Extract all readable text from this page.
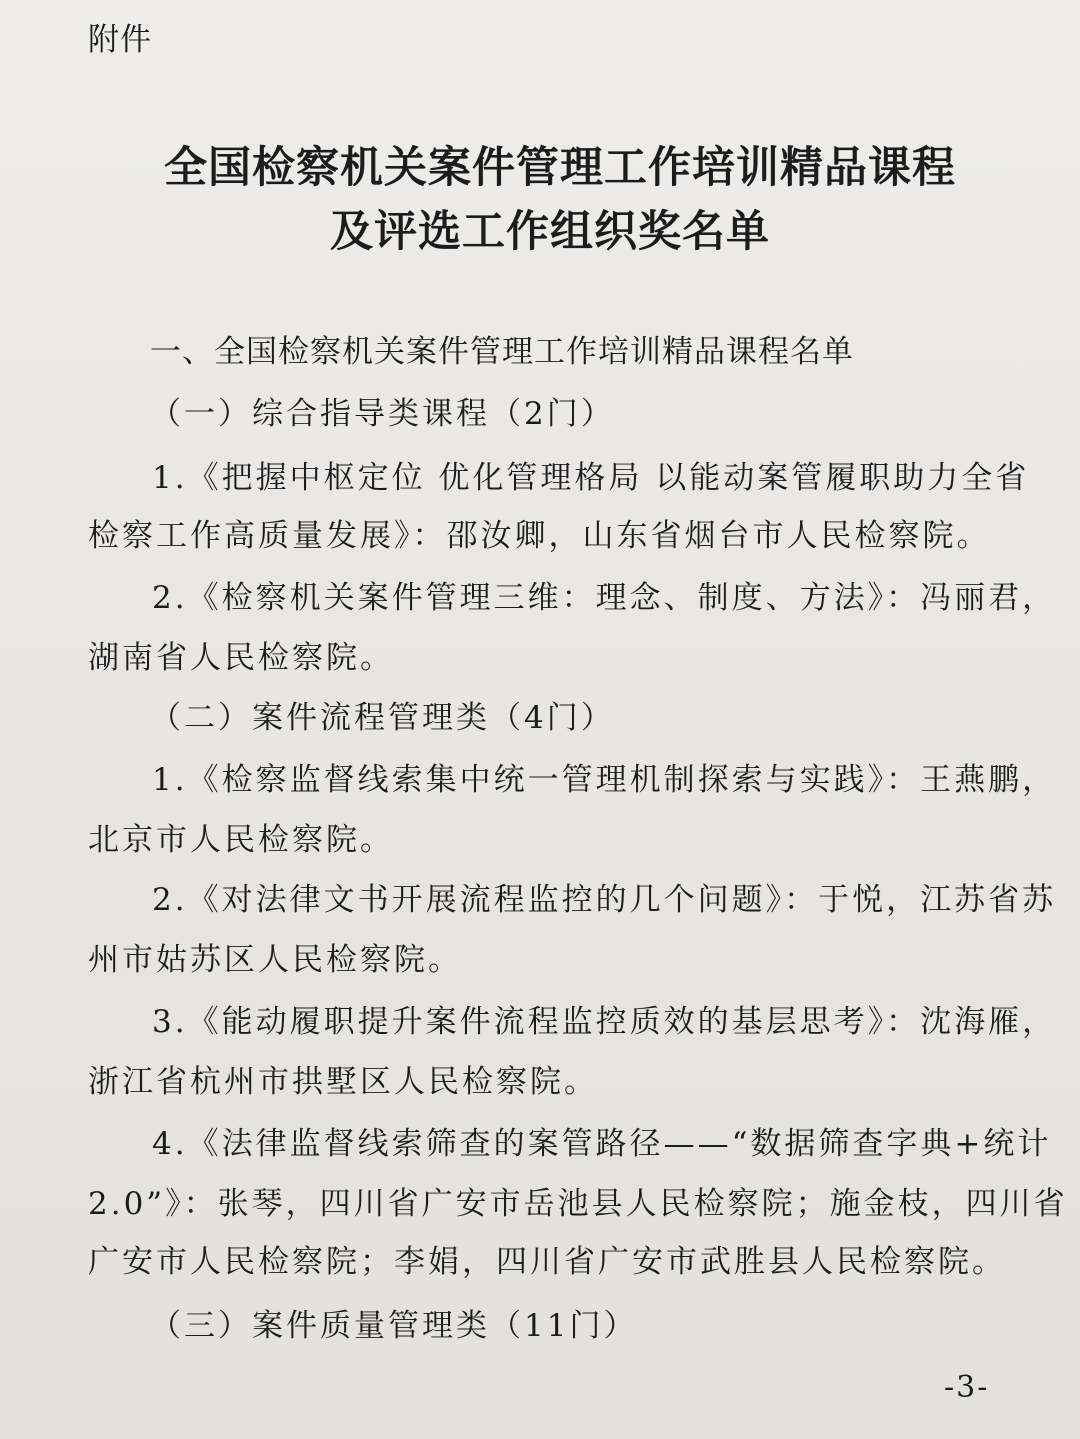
附件
全国检察机关案件管理工作培训精品课程
及评选工作组织奖名单
一、全国检察机关案件管理工作培训精品课程名单
（一）综合指导类课程（2门）
1.《把握中枢定位 优化管理格局 以能动案管履职助力全省
检察工作高质量发展》：邵汝卿，山东省烟台市人民检察院。
2.《检察机关案件管理三维：理念、制度、方法》：冯丽君，
湖南省人民检察院。
（二）案件流程管理类（4门）
1.《检察监督线索集中统一管理机制探索与实践》：王燕鹏，
北京市人民检察院。
2.《对法律文书开展流程监控的几个问题》：于悦，江苏省苏
州市姑苏区人民检察院。
3.《能动履职提升案件流程监控质效的基层思考》：沈海雁，
浙江省杭州市拱墅区人民检察院。
4.《法律监督线索筛查的案管路径——“数据筛查字典+统计
2.0”》：张琴，四川省广安市岳池县人民检察院；施金枝，四川省
广安市人民检察院；李娟，四川省广安市武胜县人民检察院。
（三）案件质量管理类（11门）
-3-
